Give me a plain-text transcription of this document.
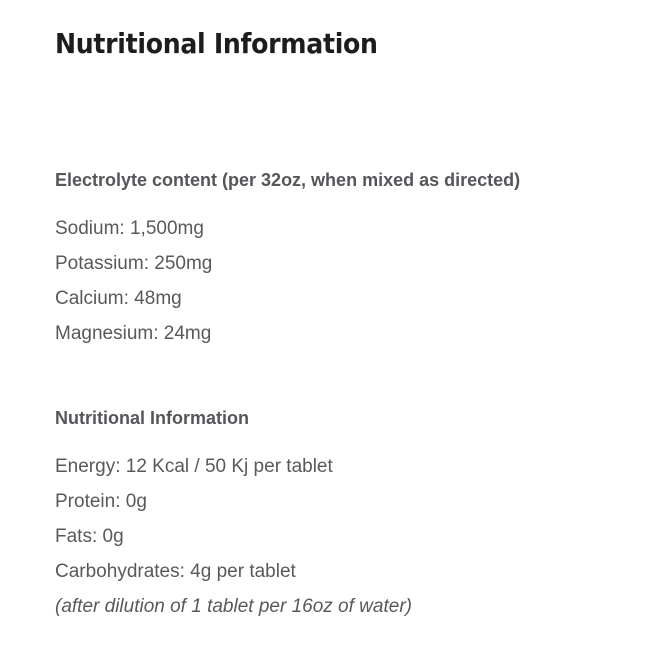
Nutritional Information
Electrolyte content (per 32oz, when mixed as directed)

Sodium: 1,500mg

Potassium: 250mg

Calcium: 48mg

Magnesium: 24mg

Nutritional Information

Energy: 12 Kcal / 50 Kj per tablet

Protein: 0g

Fats: 0g

Carbohydrates: 4g per tablet

(after dilution of 1 tablet per 16oz of water)
